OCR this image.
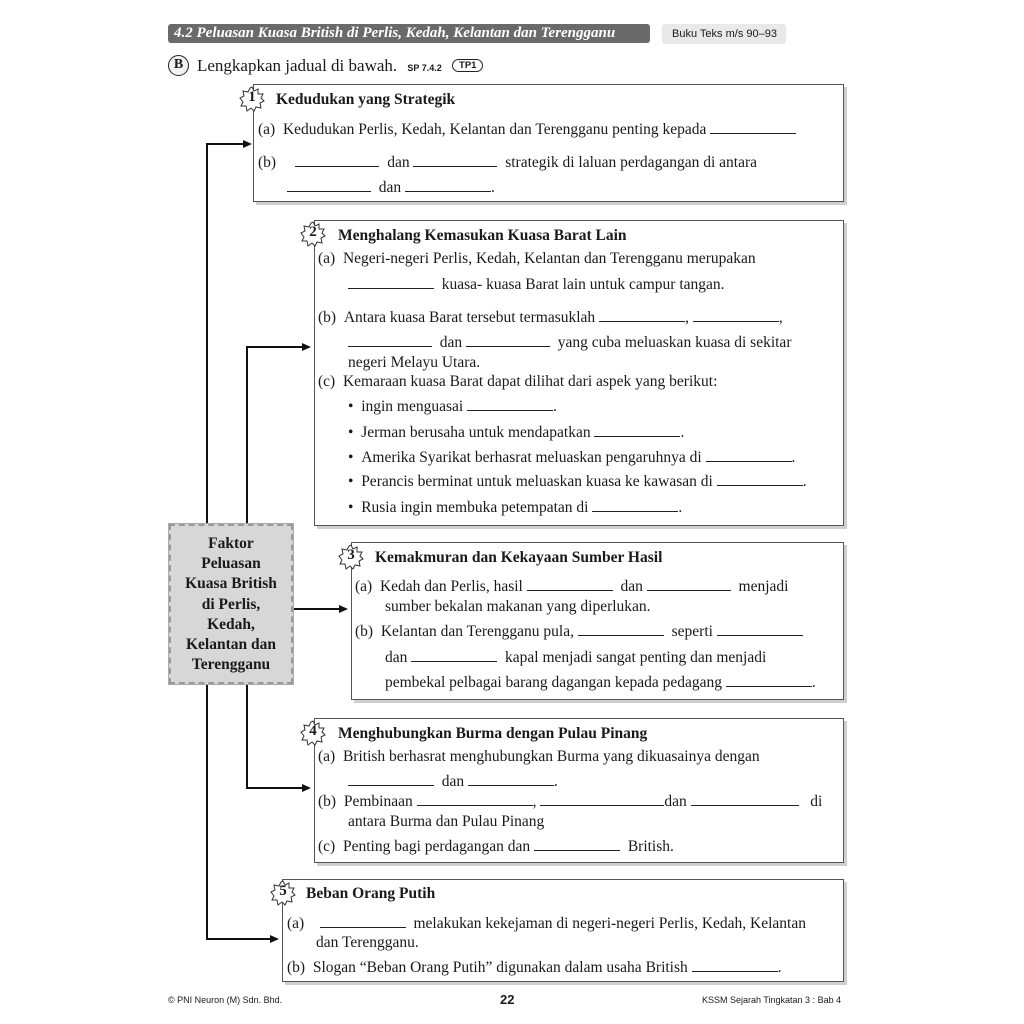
4.2 Peluasan Kuasa British di Perlis, Kedah, Kelantan dan Terengganu	Buku Teks m/s 90–93
B Lengkapkan jadual di bawah. SP 7.4.2 TP1
Faktor
Peluasan
Kuasa British
di Perlis,
Kedah,
Kelantan dan
Terengganu
1	Kedudukan yang Strategik
(a) Kedudukan Perlis, Kedah, Kelantan dan Terengganu penting kepada
(b)	dan	strategik di laluan perdagangan di antara
dan	.
2	Menghalang Kemasukan Kuasa Barat Lain
(a) Negeri-negeri Perlis, Kedah, Kelantan dan Terengganu merupakan
kuasa- kuasa Barat lain untuk campur tangan.
(b) Antara kuasa Barat tersebut termasuklah	,	,
dan	yang cuba meluaskan kuasa di sekitar
negeri Melayu Utara.
(c) Kemaraan kuasa Barat dapat dilihat dari aspek yang berikut:
• ingin menguasai	.
• Jerman berusaha untuk mendapatkan	.
• Amerika Syarikat berhasrat meluaskan pengaruhnya di	.
• Perancis berminat untuk meluaskan kuasa ke kawasan di	.
• Rusia ingin membuka petempatan di	.
3	Kemakmuran dan Kekayaan Sumber Hasil
(a) Kedah dan Perlis, hasil	dan	menjadi
sumber bekalan makanan yang diperlukan.
(b) Kelantan dan Terengganu pula,	seperti
dan	kapal menjadi sangat penting dan menjadi
pembekal pelbagai barang dagangan kepada pedagang	.
4	Menghubungkan Burma dengan Pulau Pinang
(a) British berhasrat menghubungkan Burma yang dikuasainya dengan
dan	.
(b) Pembinaan	,	dan	di
antara Burma dan Pulau Pinang
(c) Penting bagi perdagangan dan	British.
5	Beban Orang Putih
(a)	melakukan kekejaman di negeri-negeri Perlis, Kedah, Kelantan
dan Terengganu.
(b) Slogan “Beban Orang Putih” digunakan dalam usaha British	.
© PNI Neuron (M) Sdn. Bhd.	22	KSSM Sejarah Tingkatan 3 : Bab 4
